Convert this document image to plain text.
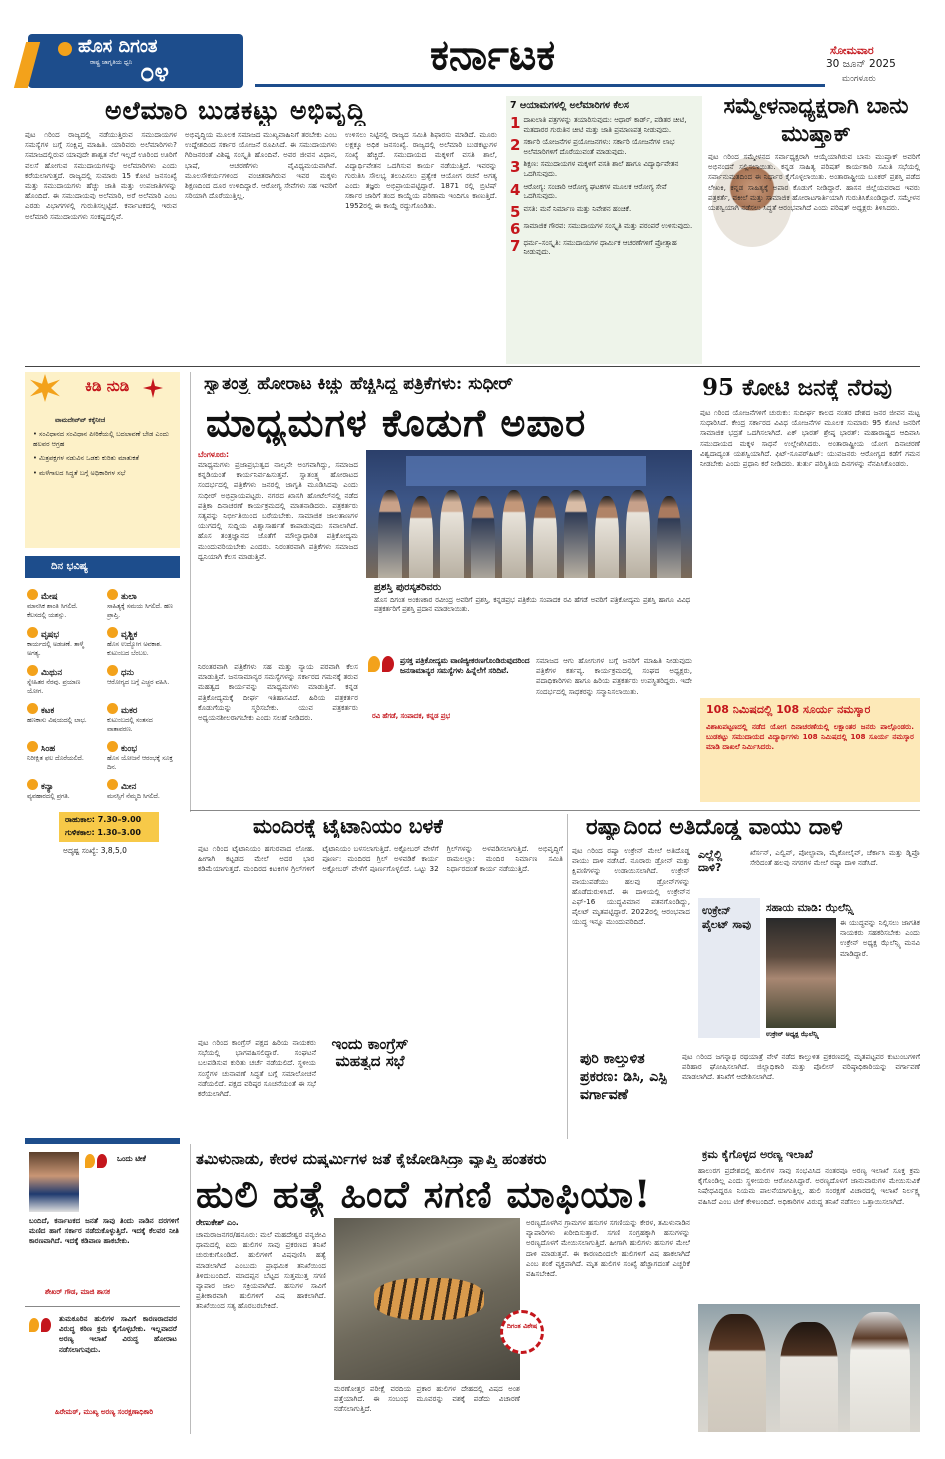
ಹೊಸ ದಿಗಂತ
ರಾಷ್ಟ್ರ ಜಾಗೃತಿಯ ಧ್ವನಿ ೦೪	ಕರ್ನಾಟಕ	ಸೋಮವಾರ
30 ಜೂನ್ 2025
ಮಂಗಳೂರು
ಅಲೆಮಾರಿ ಬುಡಕಟ್ಟು ಅಭಿವೃದ್ಧಿ
ಪುಟ ೧ರಿಂದ ರಾಜ್ಯದಲ್ಲಿ ನಡೆಯುತ್ತಿರುವ ಸಮುದಾಯಗಳ ಸಮಸ್ಯೆಗಳ ಬಗ್ಗೆ ಸಂಕ್ಷಿಪ್ತ ಮಾಹಿತಿ. ಯಾರಿವರು ಅಲೆಮಾರಿಗಳು? ಸಮಾಜದಲ್ಲಿರುವ ಯಾವುದೇ ಶಾಶ್ವತ ನೆಲೆ ಇಲ್ಲದೆ ಊರಿಂದ ಊರಿಗೆ ವಲಸೆ ಹೋಗುವ ಸಮುದಾಯಗಳನ್ನು ಅಲೆಮಾರಿಗಳು ಎಂದು ಕರೆಯಲಾಗುತ್ತದೆ. ರಾಜ್ಯದಲ್ಲಿ ಸುಮಾರು 15 ಕೋಟಿ ಜನಸಂಖ್ಯೆ ಮತ್ತು ಸಮುದಾಯಗಳು ಹೆಚ್ಚು ಜಾತಿ ಮತ್ತು ಉಪಜಾತಿಗಳನ್ನು ಹೊಂದಿದೆ. ಈ ಸಮುದಾಯವು ಅಲೆಮಾರಿ, ಅರೆ ಅಲೆಮಾರಿ ಎಂಬ ಎರಡು ವಿಭಾಗಗಳಲ್ಲಿ ಗುರುತಿಸಲ್ಪಟ್ಟಿದೆ. ಕರ್ನಾಟಕದಲ್ಲಿ ಇರುವ ಅಲೆಮಾರಿ ಸಮುದಾಯಗಳು ಸಂಕಷ್ಟದಲ್ಲಿವೆ.
ಅಭಿವೃದ್ಧಿಯ ಮೂಲಕ ಸಮಾಜದ ಮುಖ್ಯವಾಹಿನಿಗೆ ತರಬೇಕು ಎಂಬ ಉದ್ದೇಶದಿಂದ ಸರ್ಕಾರ ಯೋಜನೆ ರೂಪಿಸಿದೆ. ಈ ಸಮುದಾಯಗಳು ಗಿರಿಜನರಂತೆ ವಿಶಿಷ್ಟ ಸಂಸ್ಕೃತಿ ಹೊಂದಿವೆ. ಅವರ ಜೀವನ ವಿಧಾನ, ಭಾಷೆ, ಆಚರಣೆಗಳು ವೈವಿಧ್ಯಮಯವಾಗಿವೆ. ಮೂಲಸೌಕರ್ಯಗಳಿಂದ ವಂಚಿತರಾಗಿರುವ ಇವರ ಮಕ್ಕಳು ಶಿಕ್ಷಣದಿಂದ ದೂರ ಉಳಿದಿದ್ದಾರೆ. ಆರೋಗ್ಯ ಸೇವೆಗಳು ಸಹ ಇವರಿಗೆ ಸರಿಯಾಗಿ ದೊರೆಯುತ್ತಿಲ್ಲ.
ಉಳಿಸಲು ನಿಟ್ಟಿನಲ್ಲಿ ರಾಜ್ಯದ ಸಮಿತಿ ಶಿಫಾರಸು ಮಾಡಿದೆ. ಮೂರು ಲಕ್ಷಕ್ಕೂ ಅಧಿಕ ಜನಸಂಖ್ಯೆ. ರಾಜ್ಯದಲ್ಲಿ ಅಲೆಮಾರಿ ಬುಡಕಟ್ಟುಗಳ ಸಂಖ್ಯೆ ಹೆಚ್ಚಿದೆ. ಸಮುದಾಯದ ಮಕ್ಕಳಿಗೆ ವಸತಿ ಶಾಲೆ, ವಿದ್ಯಾರ್ಥಿವೇತನ ಒದಗಿಸುವ ಕಾರ್ಯ ನಡೆಯುತ್ತಿದೆ. ಇವರನ್ನು ಗುರುತಿಸಿ ಸೌಲಭ್ಯ ತಲುಪಿಸಲು ಪ್ರತ್ಯೇಕ ಆಯೋಗ ರಚನೆ ಅಗತ್ಯ ಎಂದು ತಜ್ಞರು ಅಭಿಪ್ರಾಯಪಟ್ಟಿದ್ದಾರೆ. 1871 ರಲ್ಲಿ ಬ್ರಿಟಿಷ್ ಸರ್ಕಾರ ಜಾರಿಗೆ ತಂದ ಕಾಯ್ದೆಯ ಪರಿಣಾಮ ಇಂದಿಗೂ ಕಾಣುತ್ತಿದೆ. 1952ರಲ್ಲಿ ಈ ಕಾಯ್ದೆ ರದ್ದುಗೊಂಡಿತು.
7 ಆಯಾಮಗಳಲ್ಲಿ ಅಲೆಮಾರಿಗಳ ಕೆಲಸ
1 ದಾಖಲಾತಿ ಪತ್ರಗಳನ್ನು ತಯಾರಿಸುವುದು: ಆಧಾರ್ ಕಾರ್ಡ್, ಪಡಿತರ ಚೀಟಿ, ಮತದಾರರ ಗುರುತಿನ ಚೀಟಿ ಮತ್ತು ಜಾತಿ ಪ್ರಮಾಣಪತ್ರ ನೀಡುವುದು.
2 ಸರ್ಕಾರಿ ಯೋಜನೆಗಳ ಪ್ರಯೋಜನಗಳು: ಸರ್ಕಾರಿ ಯೋಜನೆಗಳ ಲಾಭ ಅಲೆಮಾರಿಗಳಿಗೆ ದೊರೆಯುವಂತೆ ಮಾಡುವುದು.
3 ಶಿಕ್ಷಣ: ಸಮುದಾಯಗಳ ಮಕ್ಕಳಿಗೆ ವಸತಿ ಶಾಲೆ ಹಾಗೂ ವಿದ್ಯಾರ್ಥಿವೇತನ ಒದಗಿಸುವುದು.
4 ಆರೋಗ್ಯ: ಸಂಚಾರಿ ಆರೋಗ್ಯ ಘಟಕಗಳ ಮೂಲಕ ಆರೋಗ್ಯ ಸೇವೆ ಒದಗಿಸುವುದು.
5 ವಸತಿ: ಮನೆ ನಿರ್ಮಾಣ ಮತ್ತು ನಿವೇಶನ ಹಂಚಿಕೆ.
6 ಸಾಮಾಜಿಕ ಗೌರವ: ಸಮುದಾಯಗಳ ಸಂಸ್ಕೃತಿ ಮತ್ತು ಪರಂಪರೆ ಉಳಿಸುವುದು.
7 ಧರ್ಮ–ಸಂಸ್ಕೃತಿ: ಸಮುದಾಯಗಳ ಧಾರ್ಮಿಕ ಆಚರಣೆಗಳಿಗೆ ಪ್ರೋತ್ಸಾಹ ನೀಡುವುದು.
ಸಮ್ಮೇಳನಾಧ್ಯಕ್ಷರಾಗಿ ಬಾನು ಮುಷ್ತಾಕ್
ಪುಟ ೧ರಿಂದ ಸಮ್ಮೇಳನದ ಸರ್ವಾಧ್ಯಕ್ಷರಾಗಿ ಆಯ್ಕೆಯಾಗಿರುವ ಬಾನು ಮುಷ್ತಾಕ್ ಅವರಿಗೆ ಅಭಿನಂದನೆ ಸಲ್ಲಿಸಲಾಯಿತು. ಕನ್ನಡ ಸಾಹಿತ್ಯ ಪರಿಷತ್ ಕಾರ್ಯಕಾರಿ ಸಮಿತಿ ಸಭೆಯಲ್ಲಿ ಸರ್ವಾನುಮತದಿಂದ ಈ ನಿರ್ಧಾರ ಕೈಗೊಳ್ಳಲಾಯಿತು. ಅಂತಾರಾಷ್ಟ್ರೀಯ ಬೂಕರ್ ಪ್ರಶಸ್ತಿ ಪಡೆದ ಲೇಖಕಿ, ಕನ್ನಡ ಸಾಹಿತ್ಯಕ್ಕೆ ಅಪಾರ ಕೊಡುಗೆ ನೀಡಿದ್ದಾರೆ. ಹಾಸನ ಜಿಲ್ಲೆಯವರಾದ ಇವರು ಪತ್ರಕರ್ತೆ, ವಕೀಲೆ ಮತ್ತು ಸಾಮಾಜಿಕ ಹೋರಾಟಗಾರ್ತಿಯಾಗಿ ಗುರುತಿಸಿಕೊಂಡಿದ್ದಾರೆ. ಸಮ್ಮೇಳನ ಯಶಸ್ವಿಯಾಗಿ ನಡೆಸಲು ಸಿದ್ಧತೆ ಆರಂಭವಾಗಿದೆ ಎಂದು ಪರಿಷತ್ ಅಧ್ಯಕ್ಷರು ತಿಳಿಸಿದರು.
ಕಿಡಿ ನುಡಿ
ವಾಮದೇವ‍್‍ವ್ ಕಕ್ಕೆನೀಜೆ
• ಸಂವಿಧಾನದ ಸಂವಿಧಾನ ಪೀಠಿಕೆಯಲ್ಲಿ ಬದಲಾವಣೆ ಬೇಡ ಎಂದು ಹಲವರ ಆಗ್ರಹ
• ಮಿತ್ರಪಕ್ಷಗಳ ನಡುವಿನ ಒಡಕು ಕುರಿತು ಮಾತುಕತೆ
• ಮಳೆಗಾಲದ ಸಿದ್ಧತೆ ಬಗ್ಗೆ ಅಧಿಕಾರಿಗಳ ಸಭೆ
ದಿನ ಭವಿಷ್ಯ
ಮೇಷ
ಮಾನಸಿಕ ಶಾಂತಿ ಸಿಗಲಿದೆ. ಕೆಲಸದಲ್ಲಿ ಯಶಸ್ಸು.
ತುಲಾ
ಸಾಹಿತ್ಯಕ್ಕೆ ಸಮಯ ಸಿಗಲಿದೆ. ಹಣ ಪ್ರಾಪ್ತಿ.
ವೃಷಭ
ಕಾರ್ಯದಲ್ಲಿ ಅಡಚಣೆ. ತಾಳ್ಮೆ ಅಗತ್ಯ.
ವೃಶ್ಚಿಕ
ಹೊಸ ಉದ್ಯೋಗ ಅವಕಾಶ. ಕುಟುಂಬದ ಬೆಂಬಲ.
ಮಿಥುನ
ಸ್ನೇಹಿತರ ನೆರವು. ಪ್ರಯಾಣ ಯೋಗ.
ಧನು
ಆರೋಗ್ಯದ ಬಗ್ಗೆ ಎಚ್ಚರ ವಹಿಸಿ.
ಕಟಕ
ಹಣಕಾಸು ವಿಷಯದಲ್ಲಿ ಲಾಭ.
ಮಕರ
ಕುಟುಂಬದಲ್ಲಿ ಸಂತಸದ ವಾತಾವರಣ.
ಸಿಂಹ
ನಿರೀಕ್ಷಿತ ಫಲ ದೊರೆಯಲಿದೆ.
ಕುಂಭ
ಹೊಸ ಯೋಜನೆ ಆರಂಭಕ್ಕೆ ಸೂಕ್ತ ದಿನ.
ಕನ್ಯಾ
ವ್ಯವಹಾರದಲ್ಲಿ ಪ್ರಗತಿ.
ಮೀನ
ಮನಸ್ಸಿಗೆ ನೆಮ್ಮದಿ ಸಿಗಲಿದೆ.
ರಾಹುಕಾಲ: 7.30–9.00
ಗುಳಿಕಕಾಲ: 1.30–3.00
ಅದೃಷ್ಟ ಸಂಖ್ಯೆ: 3,8,5,0
ಸ್ವಾತಂತ್ರ್ಯ ಹೋರಾಟ ಕಿಚ್ಚು ಹೆಚ್ಚಿಸಿದ್ದ ಪತ್ರಿಕೆಗಳು: ಸುಧೀರ್
ಮಾಧ್ಯಮಗಳ ಕೊಡುಗೆ ಅಪಾರ
ಬೆಂಗಳೂರು:
ಮಾಧ್ಯಮಗಳು ಪ್ರಜಾಪ್ರಭುತ್ವದ ನಾಲ್ಕನೇ ಅಂಗವಾಗಿದ್ದು, ಸಮಾಜದ ಕನ್ನಡಿಯಂತೆ ಕಾರ್ಯನಿರ್ವಹಿಸುತ್ತವೆ. ಸ್ವಾತಂತ್ರ್ಯ ಹೋರಾಟದ ಸಂದರ್ಭದಲ್ಲಿ ಪತ್ರಿಕೆಗಳು ಜನರಲ್ಲಿ ಜಾಗೃತಿ ಮೂಡಿಸಿದವು ಎಂದು ಸುಧೀರ್ ಅಭಿಪ್ರಾಯಪಟ್ಟರು. ನಗರದ ಖಾಸಗಿ ಹೋಟೆಲ್‌ನಲ್ಲಿ ನಡೆದ ಪತ್ರಿಕಾ ದಿನಾಚರಣೆ ಕಾರ್ಯಕ್ರಮದಲ್ಲಿ ಮಾತನಾಡಿದರು. ಪತ್ರಕರ್ತರು ಸತ್ಯವನ್ನು ನಿರ್ಭೀತಿಯಿಂದ ಬರೆಯಬೇಕು. ಸಾಮಾಜಿಕ ಜಾಲತಾಣಗಳ ಯುಗದಲ್ಲಿ ಸುದ್ದಿಯ ವಿಶ್ವಾಸಾರ್ಹತೆ ಕಾಪಾಡುವುದು ಸವಾಲಾಗಿದೆ. ಹೊಸ ತಂತ್ರಜ್ಞಾನದ ಜೊತೆಗೆ ಮೌಲ್ಯಾಧಾರಿತ ಪತ್ರಿಕೋದ್ಯಮ ಮುಂದುವರಿಯಬೇಕು ಎಂದರು. ನಿರಂತರವಾಗಿ ಪತ್ರಿಕೆಗಳು ಸಮಾಜದ ಧ್ವನಿಯಾಗಿ ಕೆಲಸ ಮಾಡುತ್ತಿವೆ.
ನಿರಂತರವಾಗಿ ಪತ್ರಿಕೆಗಳು ಸಹ ಮತ್ತು ನ್ಯಾಯ ಪರವಾಗಿ ಕೆಲಸ ಮಾಡುತ್ತಿವೆ. ಜನಸಾಮಾನ್ಯರ ಸಮಸ್ಯೆಗಳನ್ನು ಸರ್ಕಾರದ ಗಮನಕ್ಕೆ ತರುವ ಮಹತ್ವದ ಕಾರ್ಯವನ್ನು ಮಾಧ್ಯಮಗಳು ಮಾಡುತ್ತಿವೆ. ಕನ್ನಡ ಪತ್ರಿಕೋದ್ಯಮಕ್ಕೆ ದೀರ್ಘ ಇತಿಹಾಸವಿದೆ. ಹಿರಿಯ ಪತ್ರಕರ್ತರ ಕೊಡುಗೆಯನ್ನು ಸ್ಮರಿಸಬೇಕು. ಯುವ ಪತ್ರಕರ್ತರು ಅಧ್ಯಯನಶೀಲರಾಗಬೇಕು ಎಂದು ಸಲಹೆ ನೀಡಿದರು.
ಪ್ರಶಸ್ತಿ ಪುರಸ್ಕತರಿವರು
ಹೊಸ ದಿಗಂತ ಅಂಕಣಕಾರ ರವೀಂದ್ರ ಅವರಿಗೆ ಪ್ರಶಸ್ತಿ, ಕನ್ನಡಪ್ರಭ ಪತ್ರಿಕೆಯ ಸಂಪಾದಕ ರವಿ ಹೆಗಡೆ ಅವರಿಗೆ ಪತ್ರಿಕೋದ್ಯಮ ಪ್ರಶಸ್ತಿ ಹಾಗೂ ವಿವಿಧ ಪತ್ರಕರ್ತರಿಗೆ ಪ್ರಶಸ್ತಿ ಪ್ರದಾನ ಮಾಡಲಾಯಿತು.
ಪ್ರಸಕ್ತ ಪತ್ರಿಕೋದ್ಯಮ ವಾಣಿಜ್ಯೀಕರಣಗೊಂಡಿರುವುದರಿಂದ ಜನಸಾಮಾನ್ಯರ ಸಮಸ್ಯೆಗಳು ಹಿನ್ನೆಲೆಗೆ ಸರಿದಿವೆ.
ರವಿ ಹೆಗಡೆ, ಸಂಪಾದಕ, ಕನ್ನಡ ಪ್ರಭ
ಸಮಾಜದ ಆಗು ಹೋಗುಗಳ ಬಗ್ಗೆ ಜನರಿಗೆ ಮಾಹಿತಿ ನೀಡುವುದು ಪತ್ರಿಕೆಗಳ ಕರ್ತವ್ಯ. ಕಾರ್ಯಕ್ರಮದಲ್ಲಿ ಸಂಘದ ಅಧ್ಯಕ್ಷರು, ಪದಾಧಿಕಾರಿಗಳು ಹಾಗೂ ಹಿರಿಯ ಪತ್ರಕರ್ತರು ಉಪಸ್ಥಿತರಿದ್ದರು. ಇದೇ ಸಂದರ್ಭದಲ್ಲಿ ಸಾಧಕರನ್ನು ಸನ್ಮಾನಿಸಲಾಯಿತು.
95 ಕೋಟಿ ಜನಕ್ಕೆ ನೆರವು
ಪುಟ ೧ರಿಂದ ಯೋಜನೆಗಳಿಗೆ ಚುರುಕು: ಸುದೀರ್ಘ ಕಾಲದ ನಂತರ ದೇಶದ ಜನರ ಜೀವನ ಮಟ್ಟ ಸುಧಾರಿಸಿದೆ. ಕೇಂದ್ರ ಸರ್ಕಾರದ ವಿವಿಧ ಯೋಜನೆಗಳ ಮೂಲಕ ಸುಮಾರು 95 ಕೋಟಿ ಜನರಿಗೆ ಸಾಮಾಜಿಕ ಭದ್ರತೆ ಒದಗಿಸಲಾಗಿದೆ. ಏಕ್ ಭಾರತ್ ಶ್ರೇಷ್ಠ ಭಾರತ್: ಮಹಾರಾಷ್ಟ್ರದ ಆದಿವಾಸಿ ಸಮುದಾಯದ ಮಕ್ಕಳ ಸಾಧನೆ ಉಲ್ಲೇಖಿಸಿದರು. ಅಂತಾರಾಷ್ಟ್ರೀಯ ಯೋಗ ದಿನಾಚರಣೆ ವಿಶ್ವದಾದ್ಯಂತ ಯಶಸ್ವಿಯಾಗಿದೆ. ಫಿಟ್-ಸೂಪರ್‌ಹಿಟ್: ಯುವಜನರು ಆರೋಗ್ಯದ ಕಡೆಗೆ ಗಮನ ನೀಡಬೇಕು ಎಂದು ಪ್ರಧಾನಿ ಕರೆ ನೀಡಿದರು. ತುರ್ತು ಪರಿಸ್ಥಿತಿಯ ದಿನಗಳನ್ನು ನೆನಪಿಸಿಕೊಂಡರು.
108 ನಿಮಿಷದಲ್ಲಿ 108 ಸೂರ್ಯ ನಮಸ್ಕಾರ
ವಿಶಾಖಪಟ್ಟಣದಲ್ಲಿ ನಡೆದ ಯೋಗ ದಿನಾಚರಣೆಯಲ್ಲಿ ಲಕ್ಷಾಂತರ ಜನರು ಪಾಲ್ಗೊಂಡರು. ಬುಡಕಟ್ಟು ಸಮುದಾಯದ ವಿದ್ಯಾರ್ಥಿಗಳು 108 ನಿಮಿಷದಲ್ಲಿ 108 ಸೂರ್ಯ ನಮಸ್ಕಾರ ಮಾಡಿ ದಾಖಲೆ ನಿರ್ಮಿಸಿದರು.
ಮಂದಿರಕ್ಕೆ ಟೈಟಾನಿಯಂ ಬಳಕೆ
ಪುಟ ೧ರಿಂದ ಟೈಟಾನಿಯಂ ಹಗುರವಾದ ಲೋಹ. ಹೀಗಾಗಿ ಕಟ್ಟಡದ ಮೇಲೆ ಅದರ ಭಾರ ಕಡಿಮೆಯಾಗುತ್ತದೆ. ಮಂದಿರದ ಕಿಟಕಿಗಳ ಗ್ರಿಲ್‌ಗಳಿಗೆ ಟೈಟಾನಿಯಂ ಬಳಸಲಾಗುತ್ತಿದೆ. ಅಕ್ಟೋಬರ್ ವೇಳೆಗೆ ಪೂರ್ಣ: ಮಂದಿರದ ಗ್ರಿಲ್ ಅಳವಡಿಕೆ ಕಾರ್ಯ ಅಕ್ಟೋಬರ್ ವೇಳೆಗೆ ಪೂರ್ಣಗೊಳ್ಳಲಿದೆ. ಒಟ್ಟು 32 ಗ್ರಿಲ್‌ಗಳನ್ನು ಅಳವಡಿಸಲಾಗುತ್ತಿದೆ. ಅಭಿವೃದ್ಧಿಗೆ ರಾಮಲಲ್ಲಾ: ಮಂದಿರ ನಿರ್ಮಾಣ ಸಮಿತಿ ನಿರ್ಧಾರದಂತೆ ಕಾರ್ಯ ನಡೆಯುತ್ತಿದೆ.
ಇಂದು ಕಾಂಗ್ರೆಸ್ ಮಹತ್ವದ ಸಭೆ
ಪುಟ ೧ರಿಂದ ಕಾಂಗ್ರೆಸ್ ಪಕ್ಷದ ಹಿರಿಯ ನಾಯಕರು ಸಭೆಯಲ್ಲಿ ಭಾಗವಹಿಸಲಿದ್ದಾರೆ. ಸಂಘಟನೆ ಬಲಪಡಿಸುವ ಕುರಿತು ಚರ್ಚೆ ನಡೆಯಲಿದೆ. ಸ್ಥಳೀಯ ಸಂಸ್ಥೆಗಳ ಚುನಾವಣೆ ಸಿದ್ಧತೆ ಬಗ್ಗೆ ಸಮಾಲೋಚನೆ ನಡೆಯಲಿದೆ. ಪಕ್ಷದ ವರಿಷ್ಠರ ಸೂಚನೆಯಂತೆ ಈ ಸಭೆ ಕರೆಯಲಾಗಿದೆ.
ರಷ್ಯಾದಿಂದ ಅತಿದೊಡ್ಡ ವಾಯು ದಾಳಿ
ಪುಟ ೧ರಿಂದ ರಷ್ಯಾ ಉಕ್ರೇನ್ ಮೇಲೆ ಅತಿದೊಡ್ಡ ವಾಯು ದಾಳಿ ನಡೆಸಿದೆ. ನೂರಾರು ಡ್ರೋನ್ ಮತ್ತು ಕ್ಷಿಪಣಿಗಳನ್ನು ಉಡಾಯಿಸಲಾಗಿದೆ. ಉಕ್ರೇನ್ ವಾಯುಪಡೆಯು ಹಲವು ಡ್ರೋನ್‌ಗಳನ್ನು ಹೊಡೆದುರುಳಿಸಿದೆ. ಈ ದಾಳಿಯಲ್ಲಿ ಉಕ್ರೇನ್‌ನ ಎಫ್-16 ಯುದ್ಧವಿಮಾನ ಪತನಗೊಂಡಿದ್ದು, ಪೈಲಟ್ ಮೃತಪಟ್ಟಿದ್ದಾರೆ. 2022ರಲ್ಲಿ ಆರಂಭವಾದ ಯುದ್ಧ ಇನ್ನೂ ಮುಂದುವರಿದಿದೆ.
ಎಲ್ಲೆಲ್ಲಿ ದಾಳಿ?
ಖೆರ್ಸನ್, ಎಲ್ವಿವ್, ಪೋಲ್ಟಾವಾ, ಮೈಕೋಲೈವ್, ಚೆರ್ಕಾಸಿ ಮತ್ತು ಡ್ನಿಪ್ರೊ ಸೇರಿದಂತೆ ಹಲವು ನಗರಗಳ ಮೇಲೆ ರಷ್ಯಾ ದಾಳಿ ನಡೆಸಿದೆ.
ಉಕ್ರೇನ್ ಪೈಲಟ್ ಸಾವು
ಸಹಾಯ ಮಾಡಿ: ಝೆಲೆನ್ಸ್ಕಿ
ಉಕ್ರೇನ್ ಅಧ್ಯಕ್ಷ ಝೆಲೆನ್ಸ್ಕಿ
ಈ ಯುದ್ಧವನ್ನು ನಿಲ್ಲಿಸಲು ಜಾಗತಿಕ ನಾಯಕರು ಸಹಕರಿಸಬೇಕು ಎಂದು ಉಕ್ರೇನ್ ಅಧ್ಯಕ್ಷ ಝೆಲೆನ್ಸ್ಕಿ ಮನವಿ ಮಾಡಿದ್ದಾರೆ.
ಪುರಿ ಕಾಲ್ತುಳಿತ ಪ್ರಕರಣ: ಡಿಸಿ, ಎಸ್ಪಿ ವರ್ಗಾವಣೆ
ಪುಟ ೧ರಿಂದ ಜಗನ್ನಾಥ ರಥಯಾತ್ರೆ ವೇಳೆ ನಡೆದ ಕಾಲ್ತುಳಿತ ಪ್ರಕರಣದಲ್ಲಿ ಮೃತಪಟ್ಟವರ ಕುಟುಂಬಗಳಿಗೆ ಪರಿಹಾರ ಘೋಷಿಸಲಾಗಿದೆ. ಜಿಲ್ಲಾಧಿಕಾರಿ ಮತ್ತು ಪೊಲೀಸ್ ವರಿಷ್ಠಾಧಿಕಾರಿಯನ್ನು ವರ್ಗಾವಣೆ ಮಾಡಲಾಗಿದೆ. ತನಿಖೆಗೆ ಆದೇಶಿಸಲಾಗಿದೆ.
ಒಂದು ಟೀಕೆ
ಬಂದಿದೆ, ಕರ್ನಾಟಕದ ಜನತೆ ಸಾವು ತಿಂದು ನಾಡಿನ ದರಗಳಿಗೆ ಮಣಿದ ಹಾಗೆ ಸರ್ಕಾರ ನಡೆದುಕೊಳ್ಳುತ್ತಿದೆ. ಇದಕ್ಕೆ ಕೆಲವರ ನೀತಿ ಕಾರಣವಾಗಿದೆ. ಇದಕ್ಕೆ ಕಡಿವಾಣ ಹಾಕಬೇಕು.
ಶೇಖರ್ ಗೌಡ, ಮಾಜಿ ಶಾಸಕ
ತುಮಕೂರಿನ ಹುಲಿಗಳ ಸಾವಿಗೆ ಕಾರಣರಾದವರ ವಿರುದ್ಧ ಕಠಿಣ ಕ್ರಮ ಕೈಗೊಳ್ಳಬೇಕು. ಇಲ್ಲವಾದರೆ ಅರಣ್ಯ ಇಲಾಖೆ ವಿರುದ್ಧ ಹೋರಾಟ ನಡೆಸಲಾಗುವುದು.
ಹಿರೇಮಠ್, ಮುಖ್ಯ ಅರಣ್ಯ ಸಂರಕ್ಷಣಾಧಿಕಾರಿ
ತಮಿಳುನಾಡು, ಕೇರಳ ದುಷ್ಕರ್ಮಿಗಳ ಜತೆ ಕೈಜೋಡಿಸಿದ್ರಾ ವ್ಯಾಪ್ತಿ ಹಂತಕರು
ಹುಲಿ ಹತ್ಯೆ ಹಿಂದೆ ಸಗಣಿ ಮಾಫಿಯಾ!
ರೇಣುಕೇಶ್ ಎಂ.
ಚಾಮರಾಜನಗರ/ಹನೂರು: ಮಲೆ ಮಹದೇಶ್ವರ ವನ್ಯಜೀವಿ ಧಾಮದಲ್ಲಿ ಐದು ಹುಲಿಗಳ ಸಾವು ಪ್ರಕರಣದ ತನಿಖೆ ಚುರುಕುಗೊಂಡಿದೆ. ಹುಲಿಗಳಿಗೆ ವಿಷವುಣಿಸಿ ಹತ್ಯೆ ಮಾಡಲಾಗಿದೆ ಎಂಬುದು ಪ್ರಾಥಮಿಕ ತನಿಖೆಯಿಂದ ತಿಳಿದುಬಂದಿದೆ. ಮಾದಪ್ಪನ ಬೆಟ್ಟದ ಸುತ್ತಮುತ್ತ ಸಗಣಿ ವ್ಯಾಪಾರ ಜಾಲ ಸಕ್ರಿಯವಾಗಿದೆ. ಹಸುಗಳ ಸಾವಿಗೆ ಪ್ರತೀಕಾರವಾಗಿ ಹುಲಿಗಳಿಗೆ ವಿಷ ಹಾಕಲಾಗಿದೆ. ತನಿಖೆಯಿಂದ ಸತ್ಯ ಹೊರಬರಬೇಕಿದೆ.
ಮರಣೋತ್ತರ ಪರೀಕ್ಷೆ ವರದಿಯ ಪ್ರಕಾರ ಹುಲಿಗಳ ದೇಹದಲ್ಲಿ ವಿಷದ ಅಂಶ ಪತ್ತೆಯಾಗಿದೆ. ಈ ಸಂಬಂಧ ಮೂವರನ್ನು ವಶಕ್ಕೆ ಪಡೆದು ವಿಚಾರಣೆ ನಡೆಸಲಾಗುತ್ತಿದೆ.
ಅರಣ್ಯದೊಳಗಿನ ಗ್ರಾಮಗಳ ಹಸುಗಳ ಸಗಣಿಯನ್ನು ಕೇರಳ, ತಮಿಳುನಾಡಿನ ವ್ಯಾಪಾರಿಗಳು ಖರೀದಿಸುತ್ತಾರೆ. ಸಗಣಿ ಸಂಗ್ರಹಕ್ಕಾಗಿ ಹಸುಗಳನ್ನು ಅರಣ್ಯದೊಳಗೆ ಮೇಯಿಸಲಾಗುತ್ತಿದೆ. ಹೀಗಾಗಿ ಹುಲಿಗಳು ಹಸುಗಳ ಮೇಲೆ ದಾಳಿ ಮಾಡುತ್ತವೆ. ಈ ಕಾರಣದಿಂದಲೇ ಹುಲಿಗಳಿಗೆ ವಿಷ ಹಾಕಲಾಗಿದೆ ಎಂಬ ಶಂಕೆ ವ್ಯಕ್ತವಾಗಿದೆ. ಮೃತ ಹುಲಿಗಳ ಸಂಖ್ಯೆ ಹೆಚ್ಚಾಗದಂತೆ ಎಚ್ಚರಿಕೆ ವಹಿಸಬೇಕಿದೆ.
ದಿಗಂತ ವಿಶೇಷ
ಕ್ರಮ ಕೈಗೊಳ್ಳದ ಅರಣ್ಯ ಇಲಾಖೆ
ಹಾಲುರಗ ಪ್ರದೇಶದಲ್ಲಿ ಹುಲಿಗಳ ಸಾವು ಸಂಭವಿಸಿದ ನಂತರವೂ ಅರಣ್ಯ ಇಲಾಖೆ ಸೂಕ್ತ ಕ್ರಮ ಕೈಗೊಂಡಿಲ್ಲ ಎಂದು ಸ್ಥಳೀಯರು ಆರೋಪಿಸಿದ್ದಾರೆ. ಅರಣ್ಯದೊಳಗೆ ಜಾನುವಾರುಗಳ ಮೇಯಿಸುವಿಕೆ ನಿಷೇಧವಿದ್ದರೂ ನಿಯಮ ಪಾಲನೆಯಾಗುತ್ತಿಲ್ಲ. ಹುಲಿ ಸಂರಕ್ಷಣೆ ವಿಚಾರದಲ್ಲಿ ಇಲಾಖೆ ನಿರ್ಲಕ್ಷ್ಯ ವಹಿಸಿದೆ ಎಂಬ ಟೀಕೆ ಕೇಳಿಬಂದಿದೆ. ಅಧಿಕಾರಿಗಳ ವಿರುದ್ಧ ತನಿಖೆ ನಡೆಸಲು ಒತ್ತಾಯಿಸಲಾಗಿದೆ.
